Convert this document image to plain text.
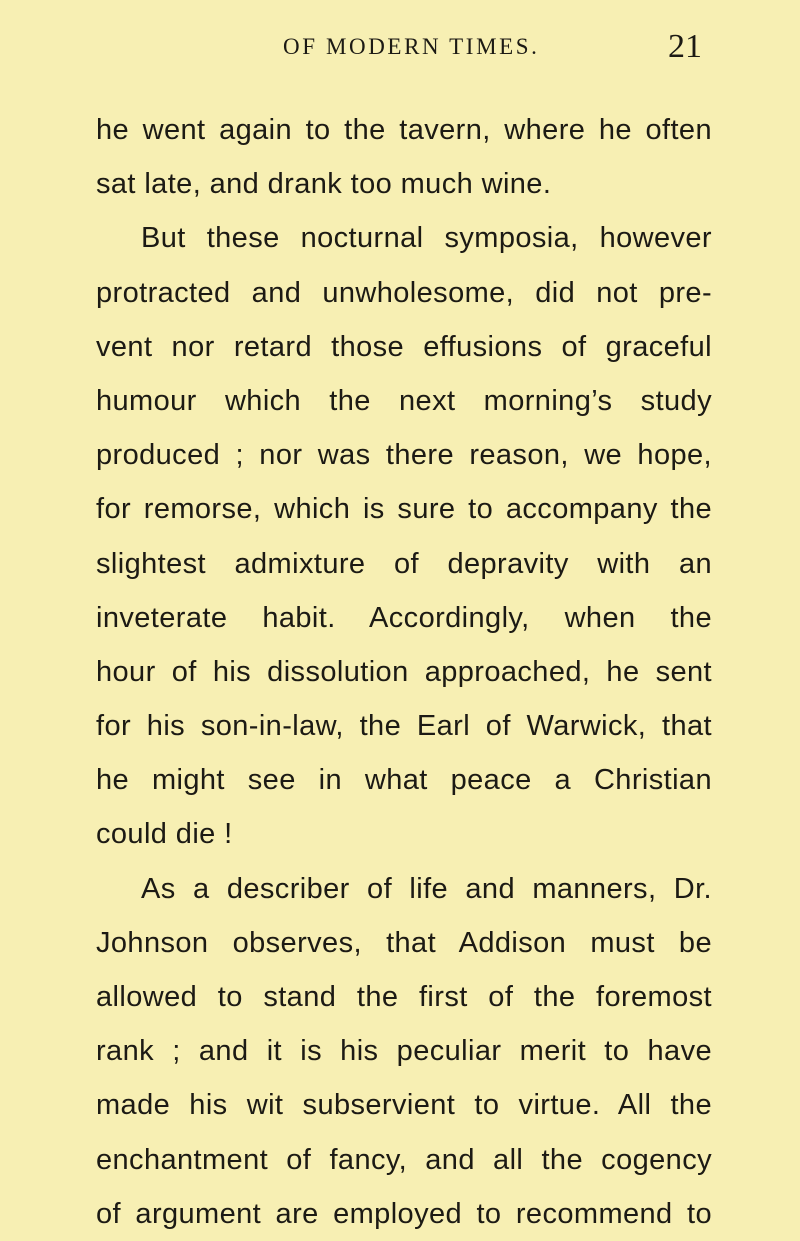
OF MODERN TIMES.	21
he went again to the tavern, where he often
sat late, and drank too much wine.
But these nocturnal symposia, however
protracted and unwholesome, did not pre-
vent nor retard those effusions of graceful
humour which the next morning’s study
produced ; nor was there reason, we hope,
for remorse, which is sure to accompany the
slightest admixture of depravity with an
inveterate habit. Accordingly, when the
hour of his dissolution approached, he sent
for his son-in-law, the Earl of Warwick, that
he might see in what peace a Christian
could die !
As a describer of life and manners, Dr.
Johnson observes, that Addison must be
allowed to stand the first of the foremost
rank ; and it is his peculiar merit to have
made his wit subservient to virtue. All the
enchantment of fancy, and all the cogency
of argument are employed to recommend to
